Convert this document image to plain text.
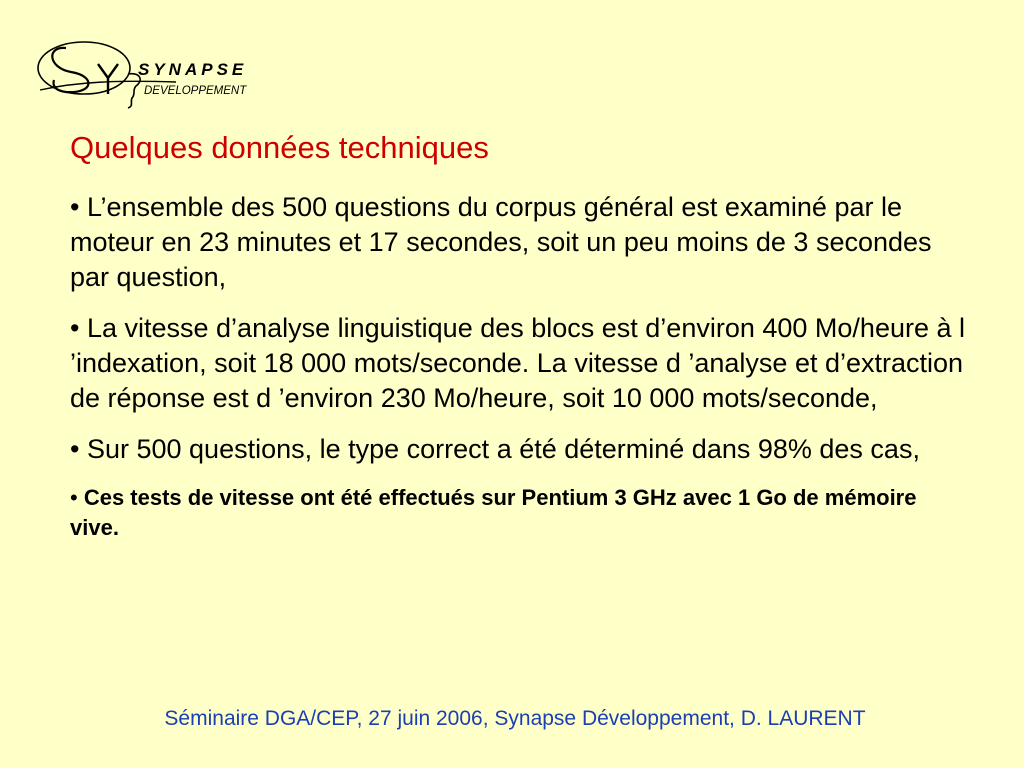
SYNAPSE
DEVELOPPEMENT
Quelques données techniques
• L’ensemble des 500 questions du corpus général est examiné par le moteur en 23 minutes et 17 secondes, soit un peu moins de 3 secondes par question,
• La vitesse d’analyse linguistique des blocs est d’environ 400 Mo/heure à l ’indexation, soit 18 000 mots/seconde. La vitesse d ’analyse et d’extraction de réponse est d ’environ 230 Mo/heure, soit 10 000 mots/seconde,
• Sur 500 questions, le type correct a été déterminé dans 98% des cas,
• Ces tests de vitesse ont été effectués sur Pentium 3 GHz avec 1 Go de mémoire vive.
Séminaire DGA/CEP, 27 juin 2006, Synapse Développement, D. LAURENT
